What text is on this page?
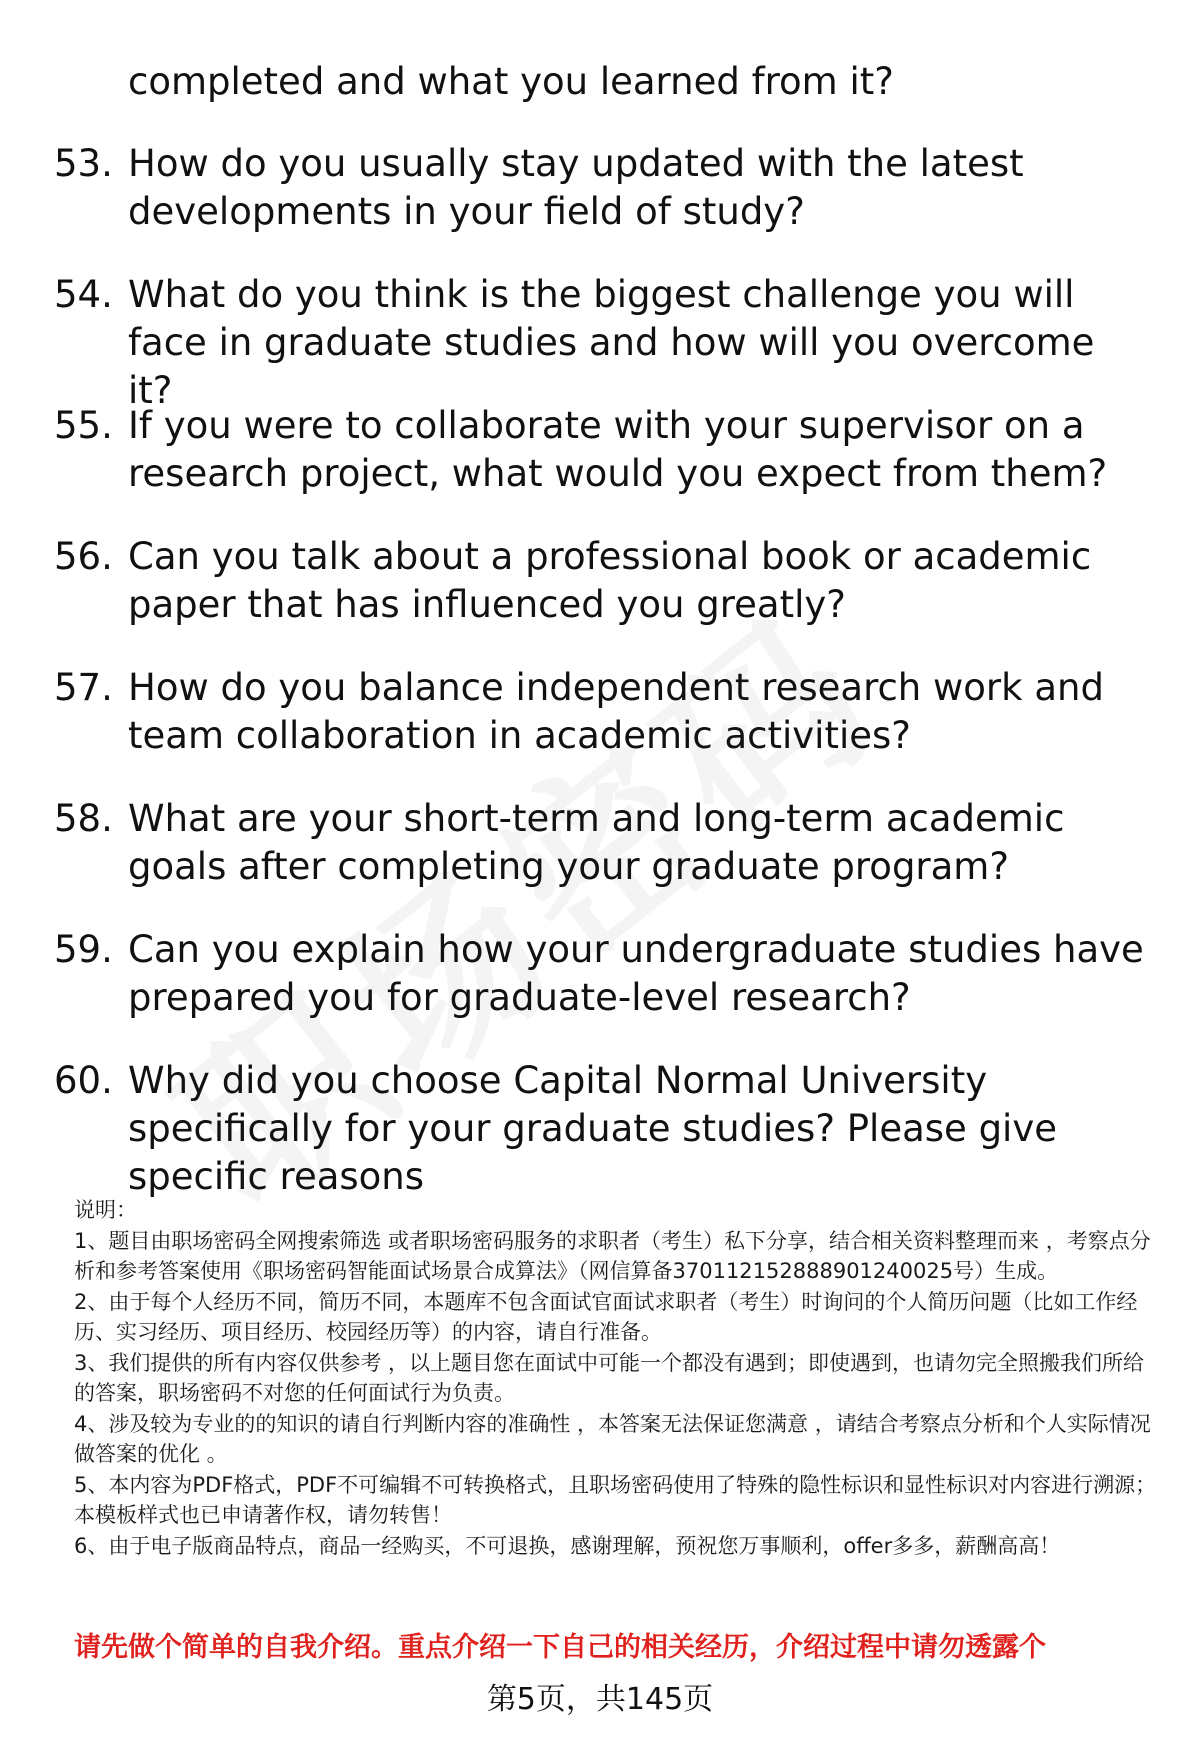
completed and what you learned from it?
53. How do you usually stay updated with the latest developments in your field of study?
54. What do you think is the biggest challenge you will face in graduate studies and how will you overcome it?
55. If you were to collaborate with your supervisor on a research project, what would you expect from them?
56. Can you talk about a professional book or academic paper that has influenced you greatly?
57. How do you balance independent research work and team collaboration in academic activities?
58. What are your short-term and long-term academic goals after completing your graduate program?
59. Can you explain how your undergraduate studies have prepared you for graduate-level research?
60. Why did you choose Capital Normal University specifically for your graduate studies? Please give specific reasons

说明：

1、题目由职场密码全网搜索筛选 或者职场密码服务的求职者（考生）私下分享，结合相关资料整理而来 ，考察点分析和参考答案使用《职场密码智能面试场景合成算法》（网信算备370112152888901240025号）生成。

2、由于每个人经历不同，简历不同，本题库不包含面试官面试求职者（考生）时询问的个人简历问题（比如工作经历、实习经历、项目经历、校园经历等）的内容，请自行准备。

3、我们提供的所有内容仅供参考 ，以上题目您在面试中可能一个都没有遇到；即使遇到，也请勿完全照搬我们所给的答案，职场密码不对您的任何面试行为负责。

4、涉及较为专业的的知识的请自行判断内容的准确性 ，本答案无法保证您满意 ，请结合考察点分析和个人实际情况做答案的优化 。

5、本内容为PDF格式，PDF不可编辑不可转换格式，且职场密码使用了特殊的隐性标识和显性标识对内容进行溯源；本模板样式也已申请著作权，请勿转售！

6、由于电子版商品特点，商品一经购买，不可退换，感谢理解，预祝您万事顺利，offer多多，薪酬高高！

请先做个简单的自我介绍。重点介绍一下自己的相关经历，介绍过程中请勿透露个
第5页，共145页
